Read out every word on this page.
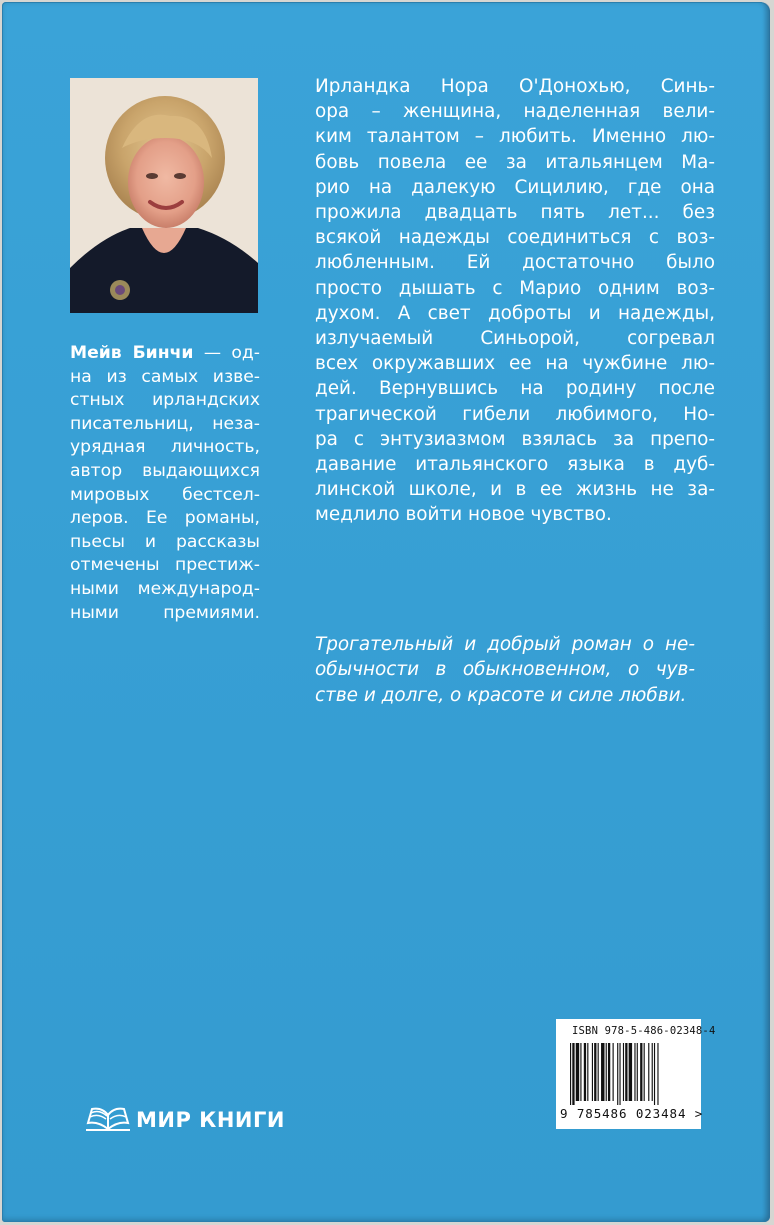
Мейв Бинчи — од-
на из самых изве-
стных ирландских
писательниц, неза-
урядная личность,
автор выдающихся
мировых бестсел-
леров. Ее романы,
пьесы и рассказы
отмечены престиж-
ными международ-
ными премиями.
Ирландка Нора О'Донохью, Синь-
ора – женщина, наделенная вели-
ким талантом – любить. Именно лю-
бовь повела ее за итальянцем Ма-
рио на далекую Сицилию, где она
прожила двадцать пять лет... без
всякой надежды соединиться с воз-
любленным. Ей достаточно было
просто дышать с Марио одним воз-
духом. А свет доброты и надежды,
излучаемый Синьорой, согревал
всех окружавших ее на чужбине лю-
дей. Вернувшись на родину после
трагической гибели любимого, Но-
ра с энтузиазмом взялась за препо-
давание итальянского языка в дуб-
линской школе, и в ее жизнь не за-
медлило войти новое чувство.
Трогательный и добрый роман о не-
обычности в обыкновенном, о чув-
стве и долге, о красоте и силе любви.
МИР КНИГИ
ISBN 978-5-486-02348-4
9 785486 023484 >
